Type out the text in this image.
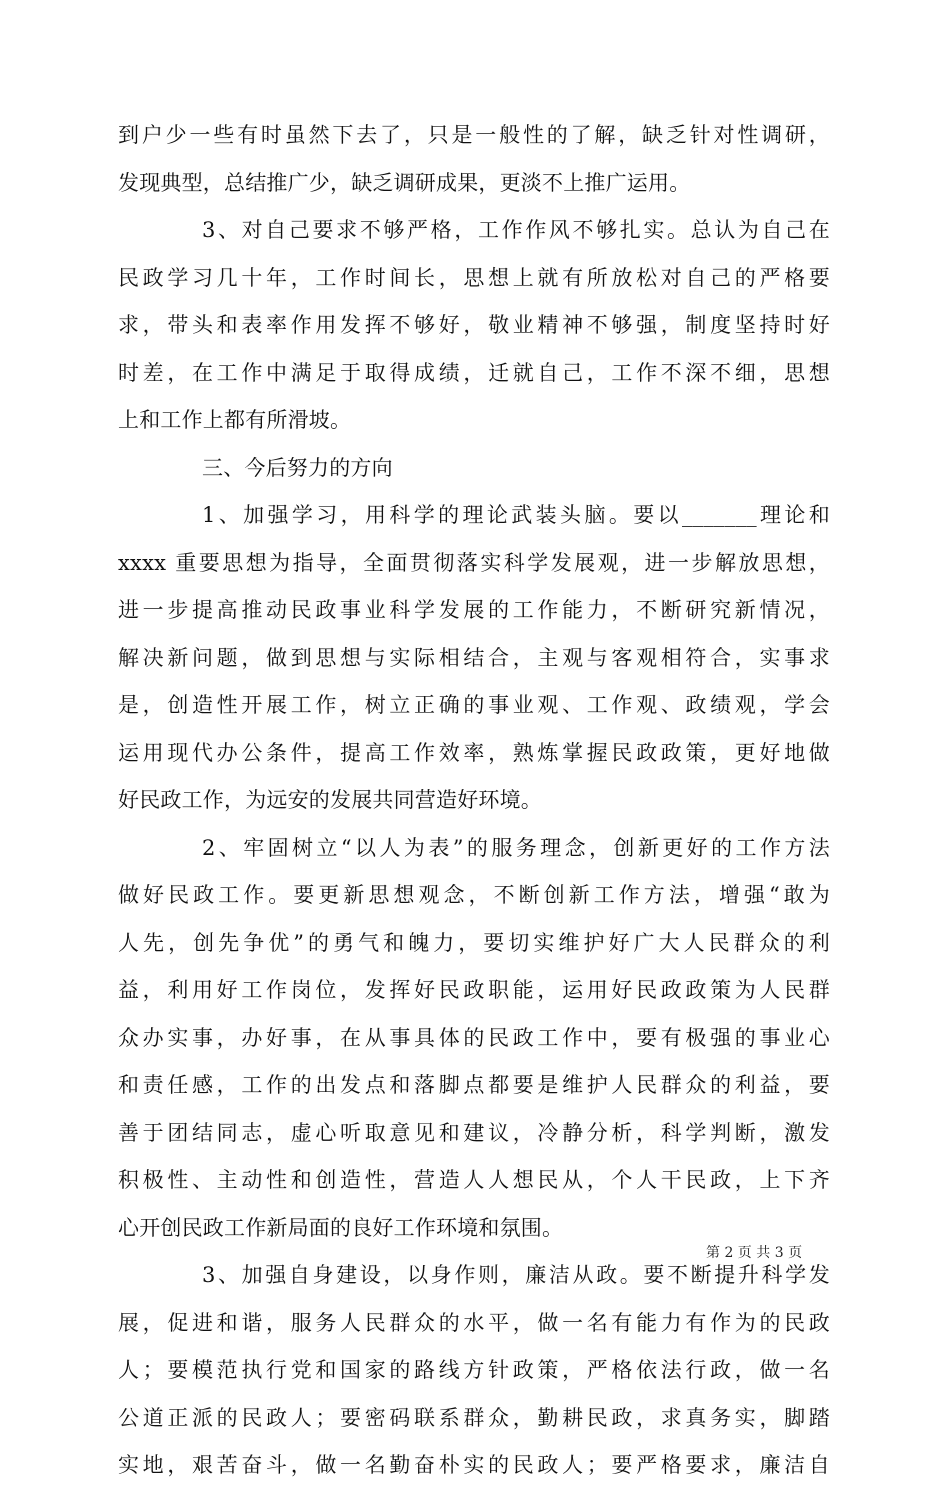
到户少一些有时虽然下去了，只是一般性的了解，缺乏针对性调研，
发现典型，总结推广少，缺乏调研成果，更淡不上推广运用。
3、对自己要求不够严格，工作作风不够扎实。总认为自己在
民政学习几十年，工作时间长，思想上就有所放松对自己的严格要
求，带头和表率作用发挥不够好，敬业精神不够强，制度坚持时好
时差，在工作中满足于取得成绩，迁就自己，工作不深不细，思想
上和工作上都有所滑坡。
三、今后努力的方向
1、加强学习，用科学的理论武装头脑。要以_______理论和
xxxx 重要思想为指导，全面贯彻落实科学发展观，进一步解放思想，
进一步提高推动民政事业科学发展的工作能力，不断研究新情况，
解决新问题，做到思想与实际相结合，主观与客观相符合，实事求
是，创造性开展工作，树立正确的事业观、工作观、政绩观，学会
运用现代办公条件，提高工作效率，熟炼掌握民政政策，更好地做
好民政工作，为远安的发展共同营造好环境。
2、牢固树立“以人为表”的服务理念，创新更好的工作方法
做好民政工作。要更新思想观念，不断创新工作方法，增强“敢为
人先，创先争优”的勇气和魄力，要切实维护好广大人民群众的利
益，利用好工作岗位，发挥好民政职能，运用好民政政策为人民群
众办实事，办好事，在从事具体的民政工作中，要有极强的事业心
和责任感，工作的出发点和落脚点都要是维护人民群众的利益，要
善于团结同志，虚心听取意见和建议，冷静分析，科学判断，激发
积极性、主动性和创造性，营造人人想民从，个人干民政，上下齐
心开创民政工作新局面的良好工作环境和氛围。
3、加强自身建设，以身作则，廉洁从政。要不断提升科学发
展，促进和谐，服务人民群众的水平，做一名有能力有作为的民政
人；要模范执行党和国家的路线方针政策，严格依法行政，做一名
公道正派的民政人；要密码联系群众，勤耕民政，求真务实，脚踏
实地，艰苦奋斗，做一名勤奋朴实的民政人；要严格要求，廉洁自
第 2 页 共 3 页
